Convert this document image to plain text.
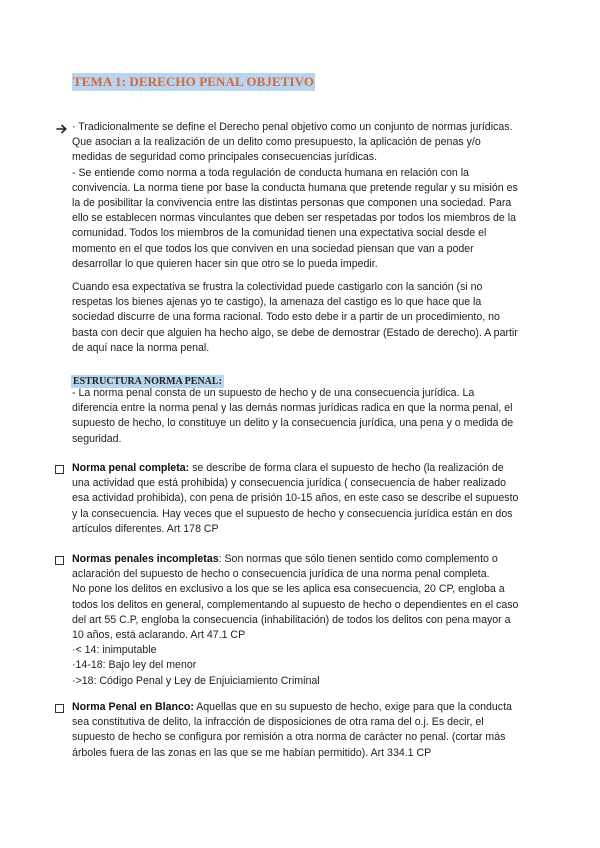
TEMA 1: DERECHO PENAL OBJETIVO

· Tradicionalmente se define el Derecho penal objetivo como un conjunto de normas jurídicas.

Que asocian a la realización de un delito como presupuesto, la aplicación de penas y/o

medidas de seguridad como principales consecuencias jurídicas.

- Se entiende como norma a toda regulación de conducta humana en relación con la

convivencia. La norma tiene por base la conducta humana que pretende regular y su misión es

la de posibilitar la convivencia entre las distintas personas que componen una sociedad. Para

ello se establecen normas vinculantes que deben ser respetadas por todos los miembros de la

comunidad. Todos los miembros de la comunidad tienen una expectativa social desde el

momento en el que todos los que conviven en una sociedad piensan que van a poder

desarrollar lo que quieren hacer sin que otro se lo pueda impedir.

Cuando esa expectativa se frustra la colectividad puede castigarlo con la sanción (si no

respetas los bienes ajenas yo te castigo), la amenaza del castigo es lo que hace que la

sociedad discurre de una forma racional. Todo esto debe ir a partir de un procedimiento, no

basta con decir que alguien ha hecho algo, se debe de demostrar (Estado de derecho). A partir

de aquí nace la norma penal.

ESTRUCTURA NORMA PENAL:

- La norma penal consta de un supuesto de hecho y de una consecuencia jurídica. La

diferencia entre la norma penal y las demás normas jurídicas radica en que la norma penal, el

supuesto de hecho, lo constituye un delito y la consecuencia jurídica, una pena y o medida de

seguridad.

Norma penal completa: se describe de forma clara el supuesto de hecho (la realización de

una actividad que está prohibida) y consecuencia jurídica ( consecuencia de haber realizado

esa actividad prohibida), con pena de prisión 10-15 años, en este caso se describe el supuesto

y la consecuencia. Hay veces que el supuesto de hecho y consecuencia jurídica están en dos

artículos diferentes. Art 178 CP

Normas penales incompletas: Son normas que sólo tienen sentido como complemento o

aclaración del supuesto de hecho o consecuencia jurídica de una norma penal completa.

No pone los delitos en exclusivo a los que se les aplica esa consecuencia, 20 CP, engloba a

todos los delitos en general, complementando al supuesto de hecho o dependientes en el caso

del art 55 C.P, engloba la consecuencia (inhabilitación) de todos los delitos con pena mayor a

10 años, está aclarando. Art 47.1 CP

·< 14: inimputable

·14-18: Bajo ley del menor

·>18: Código Penal y Ley de Enjuiciamiento Criminal

Norma Penal en Blanco: Aquellas que en su supuesto de hecho, exige para que la conducta

sea constitutiva de delito, la infracción de disposiciones de otra rama del o.j. Es decir, el

supuesto de hecho se configura por remisión a otra norma de carácter no penal. (cortar más

árboles fuera de las zonas en las que se me habían permitido). Art 334.1 CP
